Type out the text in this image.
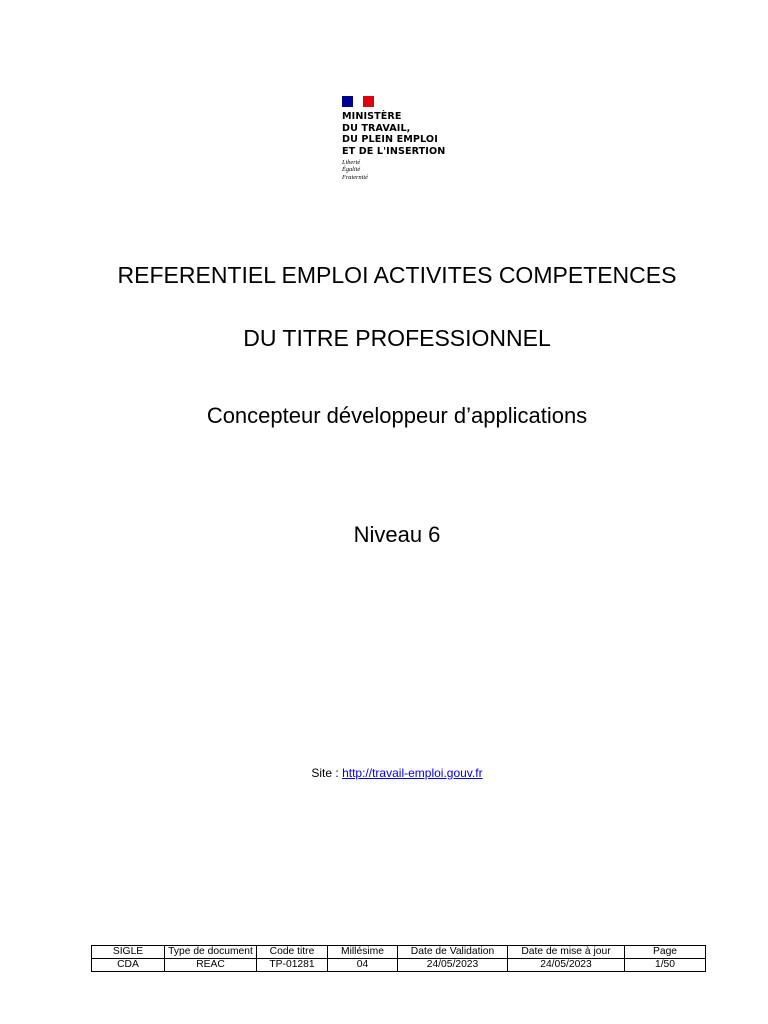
MINISTÈRE
DU TRAVAIL,
DU PLEIN EMPLOI
ET DE L'INSERTION
Liberté
Égalité
Fraternité
REFERENTIEL EMPLOI ACTIVITES COMPETENCES
DU TITRE PROFESSIONNEL
Concepteur développeur d’applications
Niveau 6
Site : http://travail-emploi.gouv.fr
SIGLE	Type de document	Code titre	Millésime	Date de Validation	Date de mise à jour	Page
CDA	REAC	TP-01281	04	24/05/2023	24/05/2023	1/50
